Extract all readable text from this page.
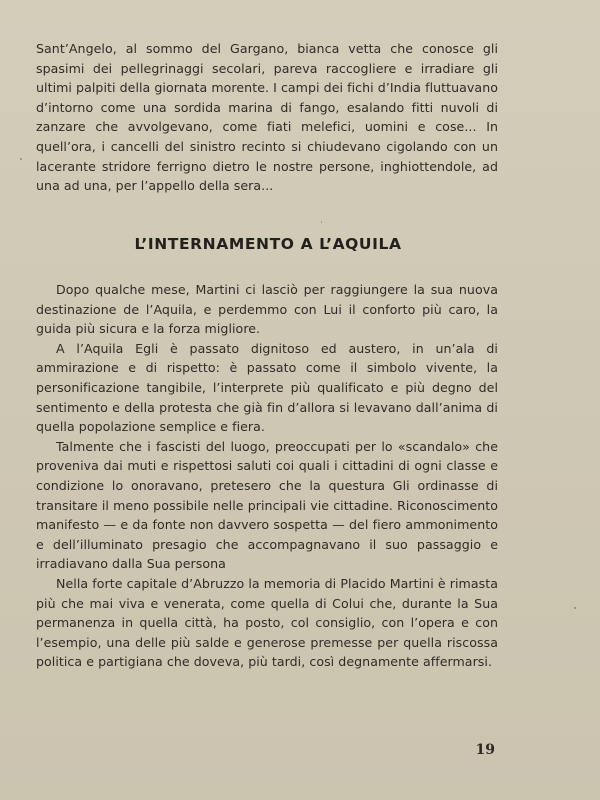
Sant’Angelo, al sommo del Gargano, bianca vetta che conosce gli spasimi dei pellegrinaggi secolari, pareva raccogliere e irradiare gli ultimi palpiti della giornata morente. I campi dei fichi d’India fluttuavano d’intorno come una sordida marina di fango, esalando fitti nuvoli di zanzare che avvolgevano, come fiati melefici, uomini e cose... In quell’ora, i cancelli del sinistro recinto si chiudevano cigolando con un lacerante stridore ferrigno dietro le nostre persone, inghiottendole, ad una ad una, per l’appello della sera...

L’INTERNAMENTO A L’AQUILA

Dopo qualche mese, Martini ci lasciò per raggiungere la sua nuova destinazione de l’Aquila, e perdemmo con Lui il conforto più caro, la guida più sicura e la forza migliore.

A l’Aquila Egli è passato dignitoso ed austero, in un’ala di ammirazione e di rispetto: è passato come il simbolo vivente, la personificazione tangibile, l’interprete più qualificato e più degno del sentimento e della protesta che già fin d’allora si levavano dall’anima di quella popolazione semplice e fiera.

Talmente che i fascisti del luogo, preoccupati per lo «scandalo» che proveniva dai muti e rispettosi saluti coi quali i cittadini di ogni classe e condizione lo onoravano, pretesero che la questura Gli ordinasse di transitare il meno possibile nelle principali vie cittadine. Riconoscimento manifesto — e da fonte non davvero sospetta — del fiero ammonimento e dell’illuminato presagio che accompagnavano il suo passaggio e irradiavano dalla Sua persona

Nella forte capitale d’Abruzzo la memoria di Placido Martini è rimasta più che mai viva e venerata, come quella di Colui che, durante la Sua permanenza in quella città, ha posto, col consiglio, con l’opera e con l’esempio, una delle più salde e generose premesse per quella riscossa politica e partigiana che doveva, più tardi, così degnamente affermarsi.

19
